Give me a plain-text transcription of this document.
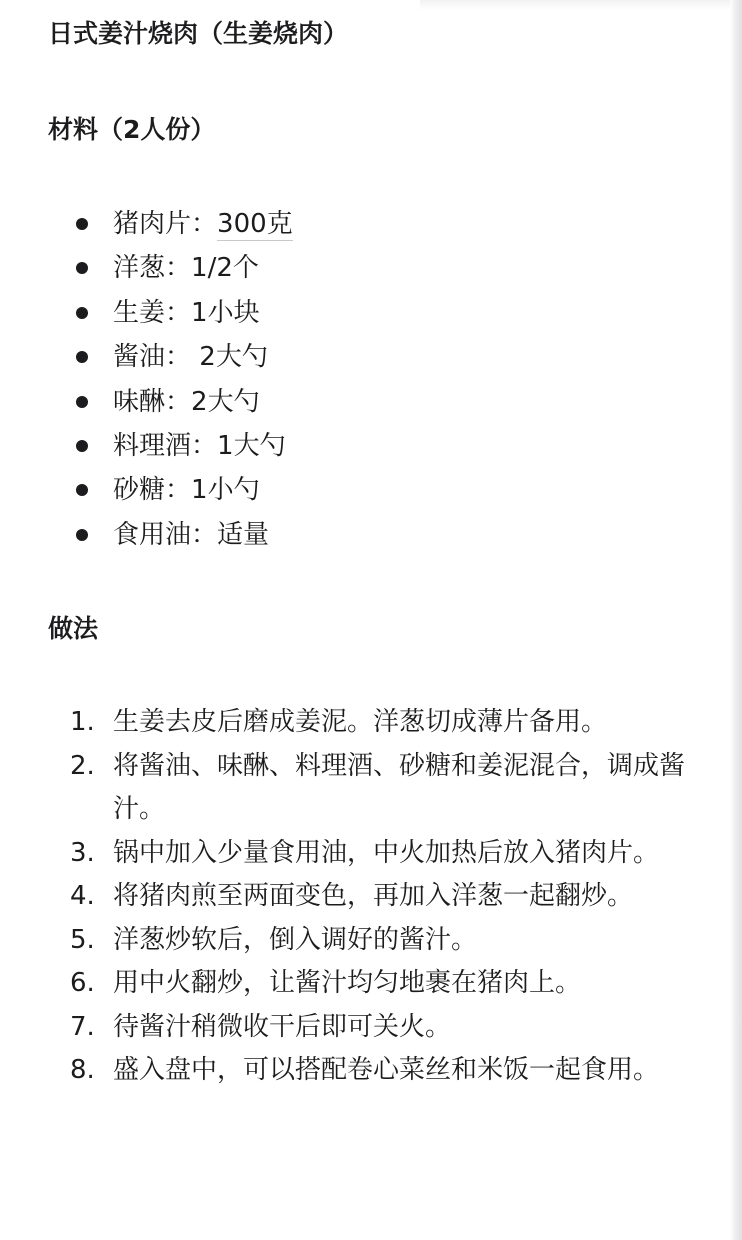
日式姜汁烧肉（生姜烧肉）
材料（2人份）
猪肉片：300克
洋葱：1/2个
生姜：1小块
酱油： 2大勺
味醂：2大勺
料理酒：1大勺
砂糖：1小勺
食用油：适量
做法
1. 生姜去皮后磨成姜泥。洋葱切成薄片备用。
2. 将酱油、味醂、料理酒、砂糖和姜泥混合，调成酱汁。
3. 锅中加入少量食用油，中火加热后放入猪肉片。
4. 将猪肉煎至两面变色，再加入洋葱一起翻炒。
5. 洋葱炒软后，倒入调好的酱汁。
6. 用中火翻炒，让酱汁均匀地裹在猪肉上。
7. 待酱汁稍微收干后即可关火。
8. 盛入盘中，可以搭配卷心菜丝和米饭一起食用。
